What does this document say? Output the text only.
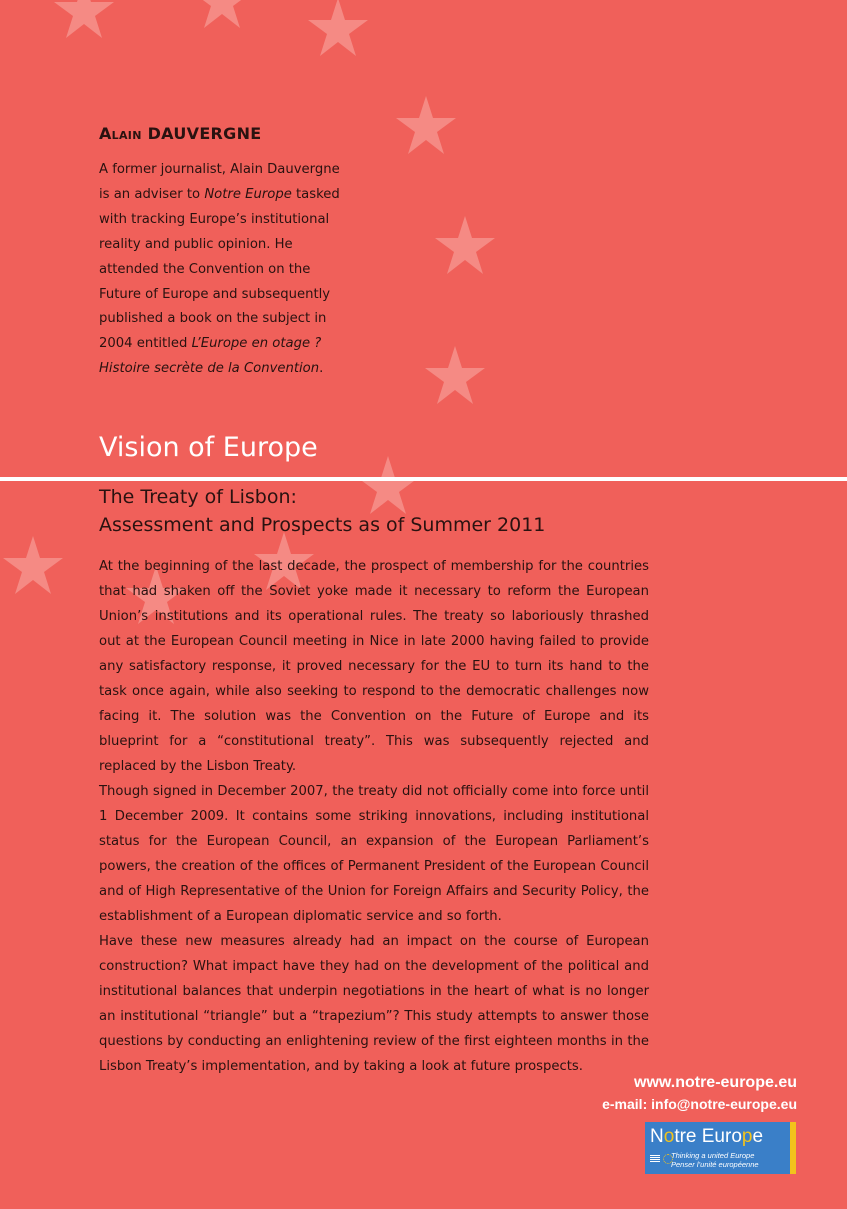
Alain DAUVERGNE

A former journalist, Alain Dauvergne is an adviser to Notre Europe tasked with tracking Europe’s institutional reality and public opinion. He attended the Convention on the Future of Europe and subsequently published a book on the subject in 2004 entitled L’Europe en otage ? Histoire secrète de la Convention.

Vision of Europe
The Treaty of Lisbon:
Assessment and Prospects as of Summer 2011

At the beginning of the last decade, the prospect of membership for the countries that had shaken off the Soviet yoke made it necessary to reform the European Union’s institutions and its operational rules. The treaty so laboriously thrashed out at the European Council meeting in Nice in late 2000 having failed to provide any satisfactory response, it proved necessary for the EU to turn its hand to the task once again, while also seeking to respond to the democratic challenges now facing it. The solution was the Convention on the Future of Europe and its blueprint for a “constitutional treaty”. This was subsequently rejected and replaced by the Lisbon Treaty.

Though signed in December 2007, the treaty did not officially come into force until 1 December 2009. It contains some striking innovations, including institutional status for the European Council, an expansion of the European Parliament’s powers, the creation of the offices of Permanent President of the European Council and of High Representative of the Union for Foreign Affairs and Security Policy, the establishment of a European diplomatic service and so forth.

Have these new measures already had an impact on the course of European construction? What impact have they had on the development of the political and institutional balances that underpin negotiations in the heart of what is no longer an institutional “triangle” but a “trapezium”? This study attempts to answer those questions by conducting an enlightening review of the first eighteen months in the Lisbon Treaty’s implementation, and by taking a look at future prospects.

www.notre-europe.eu
e-mail: info@notre-europe.eu
Notre Europe
Thinking a united Europe
Penser l’unité européenne
